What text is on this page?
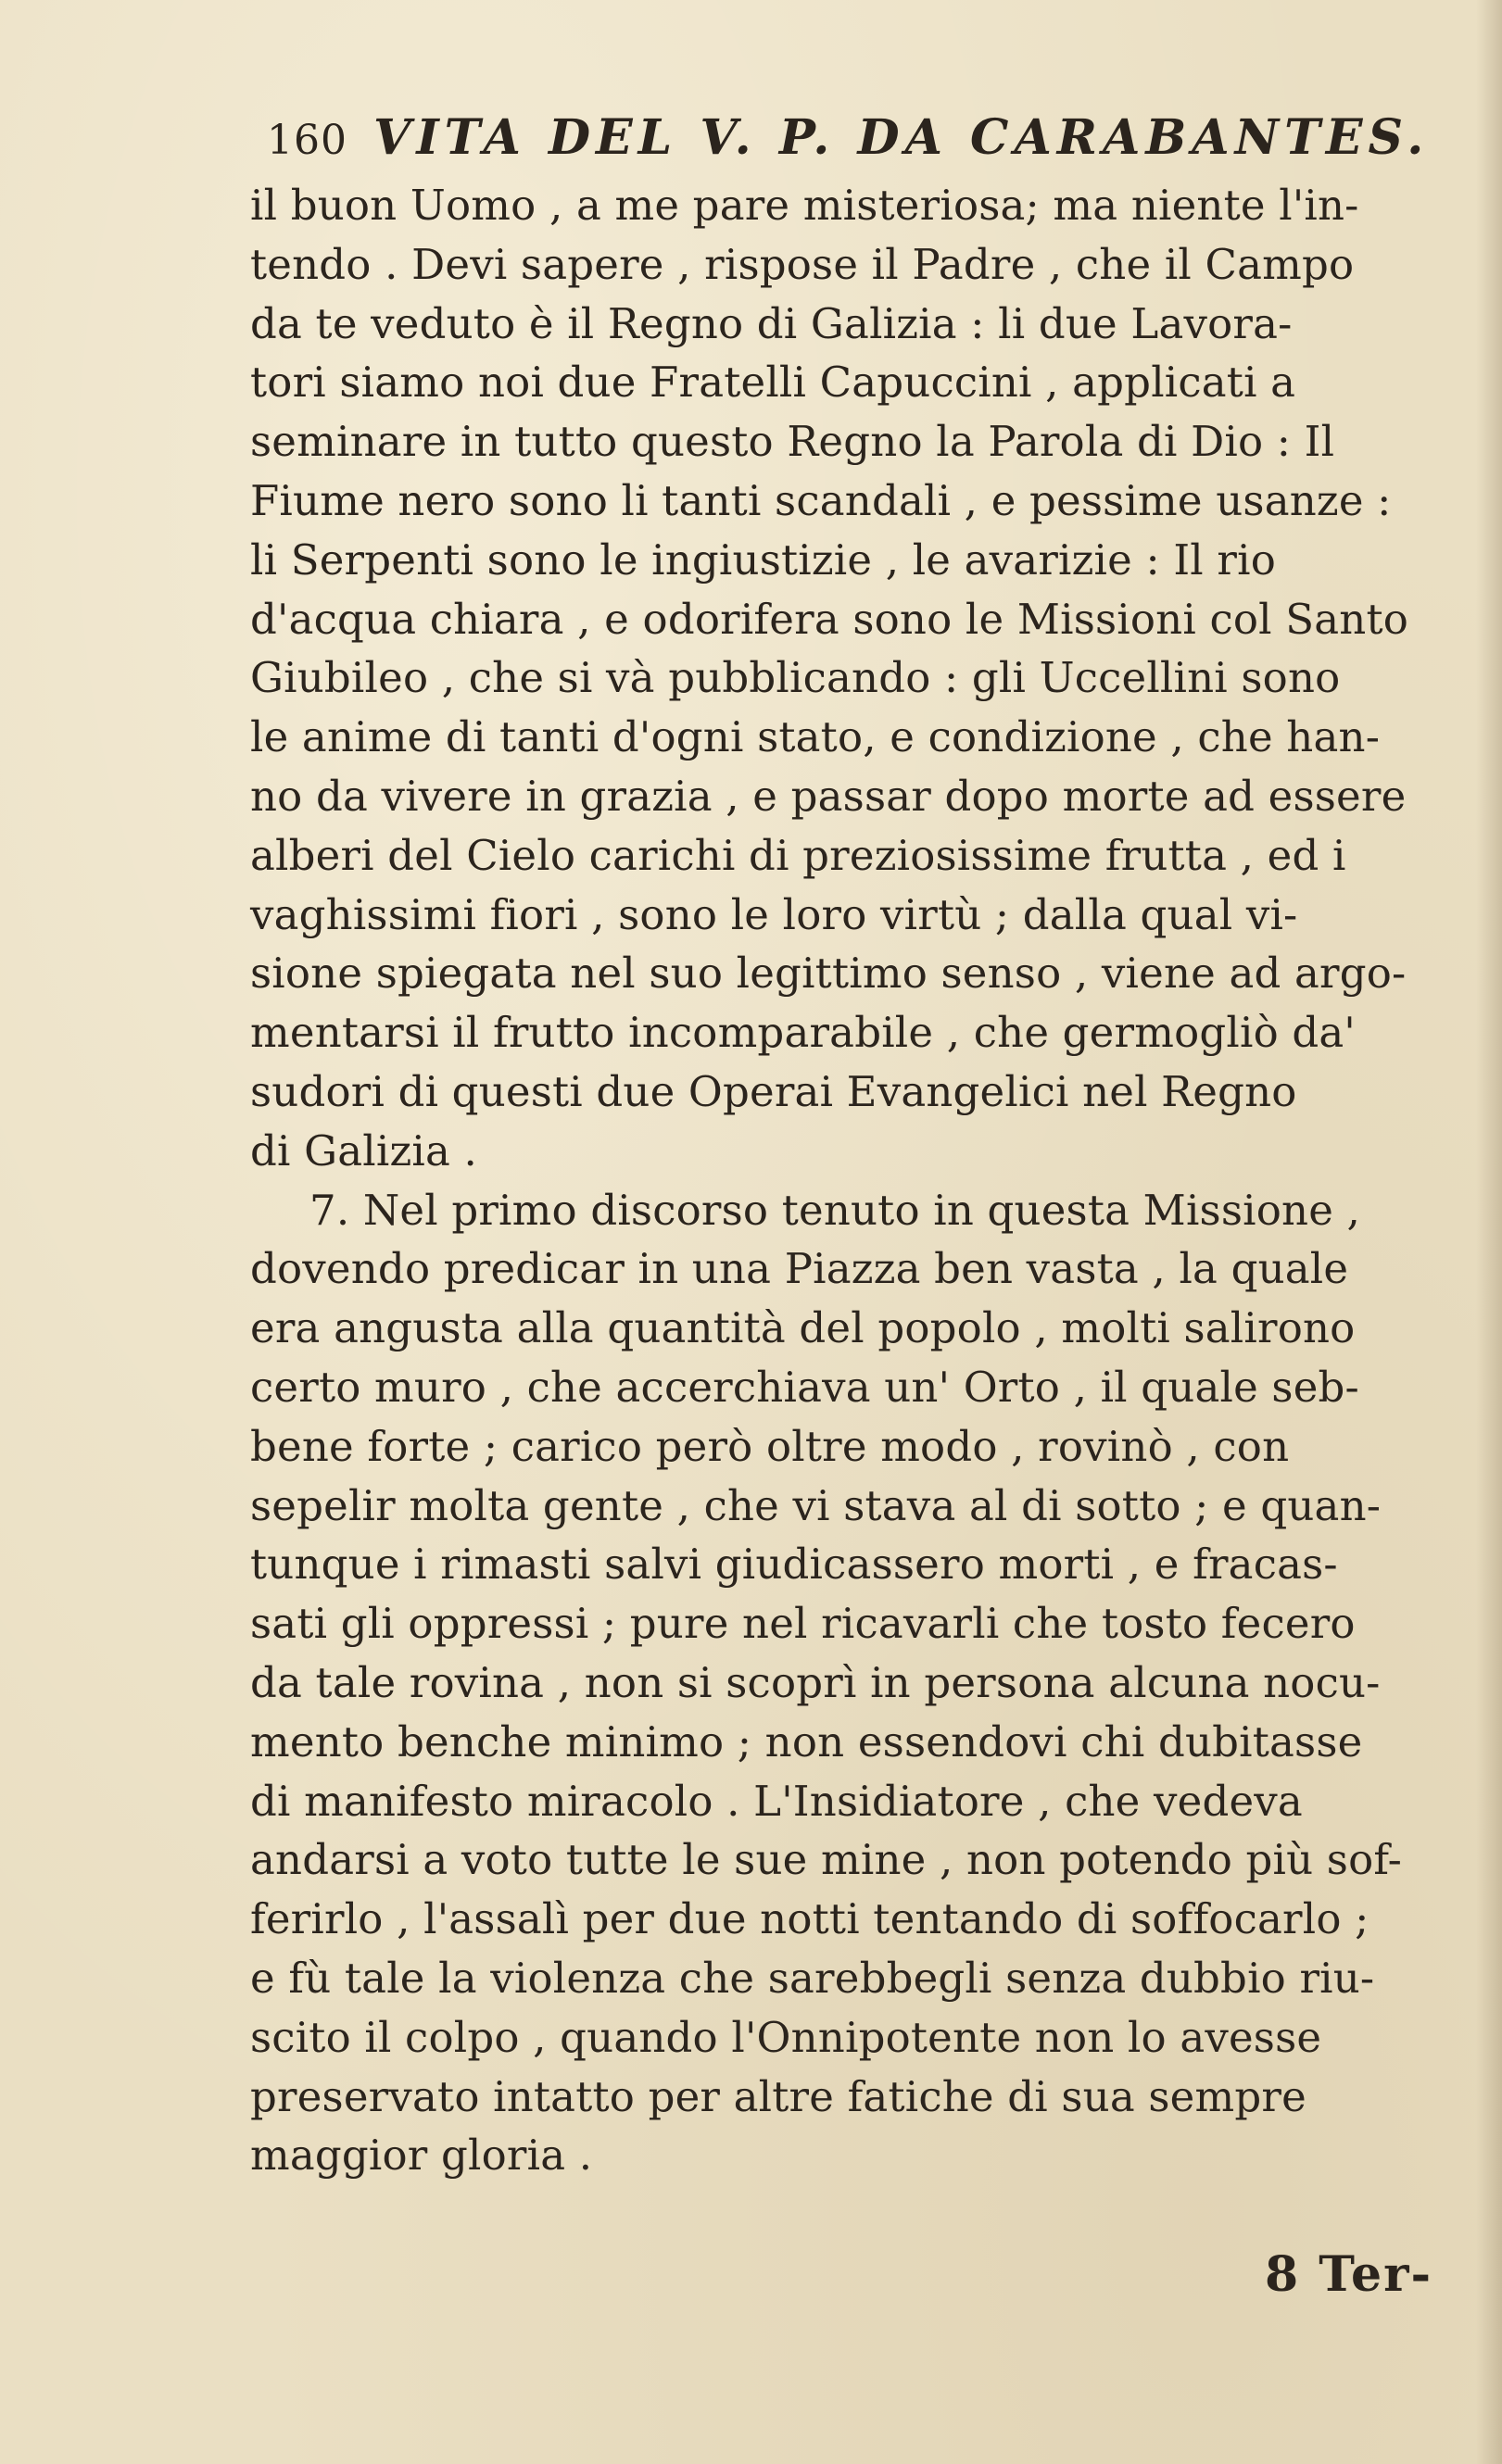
160 VITA DEL V. P. DA CARABANTES.
il buon Uomo , a me pare misteriosa; ma niente l'in-
tendo . Devi sapere , rispose il Padre , che il Campo
da te veduto è il Regno di Galizia : li due Lavora-
tori siamo noi due Fratelli Capuccini , applicati a
seminare in tutto questo Regno la Parola di Dio : Il
Fiume nero sono li tanti scandali , e pessime usanze :
li Serpenti sono le ingiustizie , le avarizie : Il rio
d'acqua chiara , e odorifera sono le Missioni col Santo
Giubileo , che si và pubblicando : gli Uccellini sono
le anime di tanti d'ogni stato, e condizione , che han-
no da vivere in grazia , e passar dopo morte ad essere
alberi del Cielo carichi di preziosissime frutta , ed i
vaghissimi fiori , sono le loro virtù ; dalla qual vi-
sione spiegata nel suo legittimo senso , viene ad argo-
mentarsi il frutto incomparabile , che germogliò da'
sudori di questi due Operai Evangelici nel Regno
di Galizia .
7. Nel primo discorso tenuto in questa Missione ,
dovendo predicar in una Piazza ben vasta , la quale
era angusta alla quantità del popolo , molti salirono
certo muro , che accerchiava un' Orto , il quale seb-
bene forte ; carico però oltre modo , rovinò , con
sepelir molta gente , che vi stava al di sotto ; e quan-
tunque i rimasti salvi giudicassero morti , e fracas-
sati gli oppressi ; pure nel ricavarli che tosto fecero
da tale rovina , non si scoprì in persona alcuna nocu-
mento benche minimo ; non essendovi chi dubitasse
di manifesto miracolo . L'Insidiatore , che vedeva
andarsi a voto tutte le sue mine , non potendo più sof-
ferirlo , l'assalì per due notti tentando di soffocarlo ;
e fù tale la violenza che sarebbegli senza dubbio riu-
scito il colpo , quando l'Onnipotente non lo avesse
preservato intatto per altre fatiche di sua sempre
maggior gloria .
8 Ter-
